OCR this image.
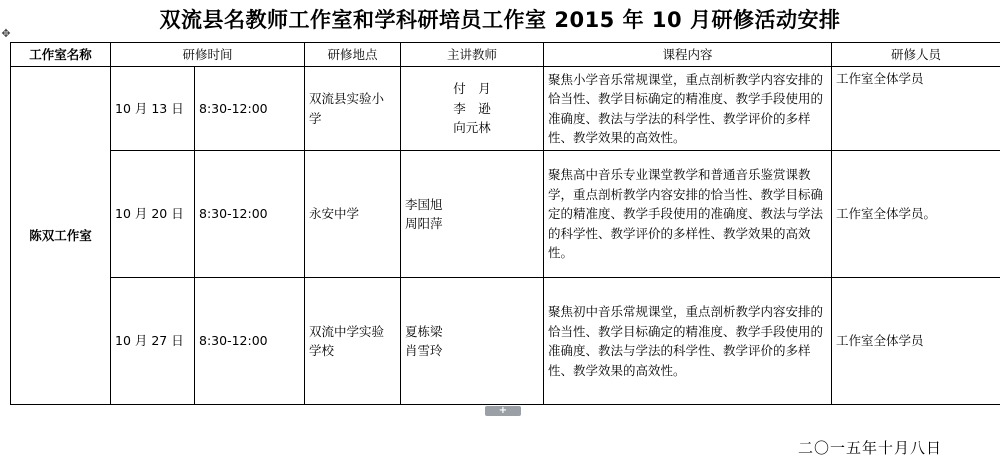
双流县名教师工作室和学科研培员工作室 2015 年 10 月研修活动安排
✥
工作室名称	研修时间		研修地点	主讲教师	课程内容	研修人员
陈双工作室	10 月 13 日	8:30-12:00	双流县实验小学	付　月
李　逊
向元林	聚焦小学音乐常规课堂，重点剖析教学内容安排的恰当性、教学目标确定的精准度、教学手段使用的准确度、教法与学法的科学性、教学评价的多样性、教学效果的高效性。	工作室全体学员
	10 月 20 日	8:30-12:00	永安中学	李国旭
周阳萍	聚焦高中音乐专业课堂教学和普通音乐鉴赏课教学，重点剖析教学内容安排的恰当性、教学目标确定的精准度、教学手段使用的准确度、教法与学法的科学性、教学评价的多样性、教学效果的高效性。	工作室全体学员。
	10 月 27 日	8:30-12:00	双流中学实验学校	夏栋梁
肖雪玲	聚焦初中音乐常规课堂，重点剖析教学内容安排的恰当性、教学目标确定的精准度、教学手段使用的准确度、教法与学法的科学性、教学评价的多样性、教学效果的高效性。	工作室全体学员
+
二〇一五年十月八日
